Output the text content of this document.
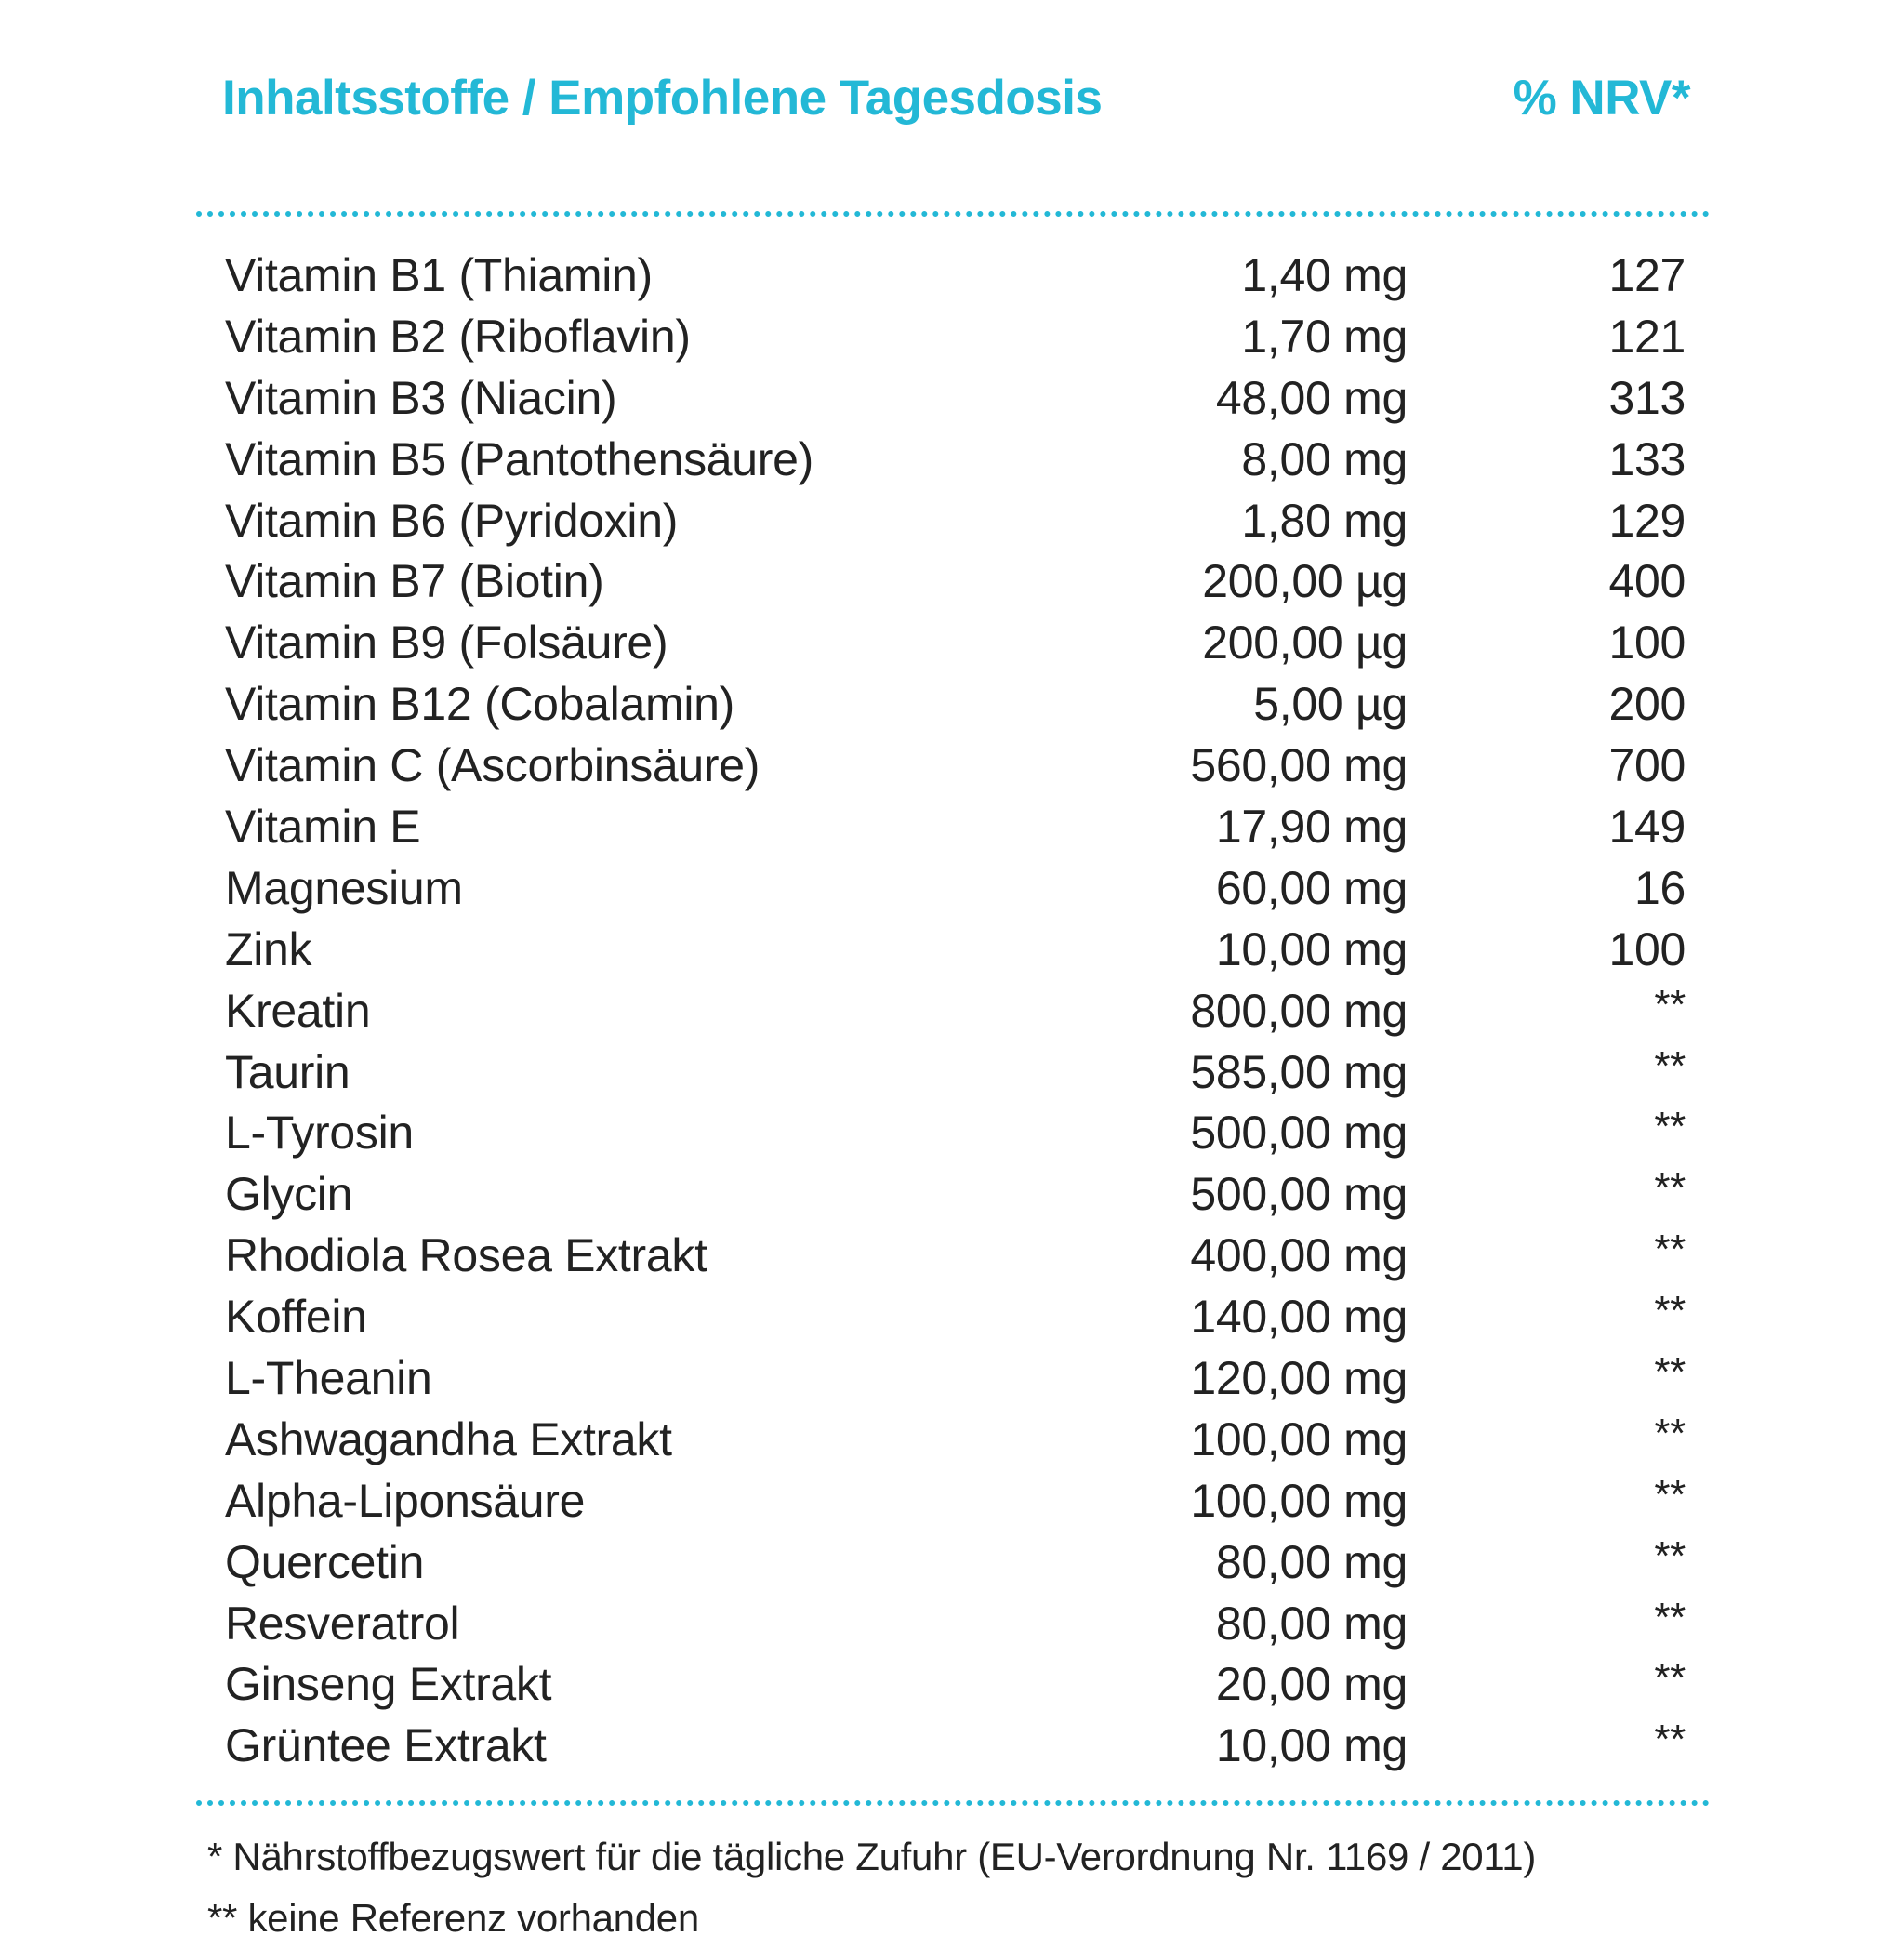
Inhaltsstoffe / Empfohlene Tagesdosis	% NRV*
Vitamin B1 (Thiamin)	1,40 mg	127
Vitamin B2 (Riboflavin)	1,70 mg	121
Vitamin B3 (Niacin)	48,00 mg	313
Vitamin B5 (Pantothensäure)	8,00 mg	133
Vitamin B6 (Pyridoxin)	1,80 mg	129
Vitamin B7 (Biotin)	200,00 µg	400
Vitamin B9 (Folsäure)	200,00 µg	100
Vitamin B12 (Cobalamin)	5,00 µg	200
Vitamin C (Ascorbinsäure)	560,00 mg	700
Vitamin E	17,90 mg	149
Magnesium	60,00 mg	16
Zink	10,00 mg	100
Kreatin	800,00 mg	**
Taurin	585,00 mg	**
L-Tyrosin	500,00 mg	**
Glycin	500,00 mg	**
Rhodiola Rosea Extrakt	400,00 mg	**
Koffein	140,00 mg	**
L-Theanin	120,00 mg	**
Ashwagandha Extrakt	100,00 mg	**
Alpha-Liponsäure	100,00 mg	**
Quercetin	80,00 mg	**
Resveratrol	80,00 mg	**
Ginseng Extrakt	20,00 mg	**
Grüntee Extrakt	10,00 mg	**
* Nährstoffbezugswert für die tägliche Zufuhr (EU-Verordnung Nr. 1169 / 2011)
** keine Referenz vorhanden
